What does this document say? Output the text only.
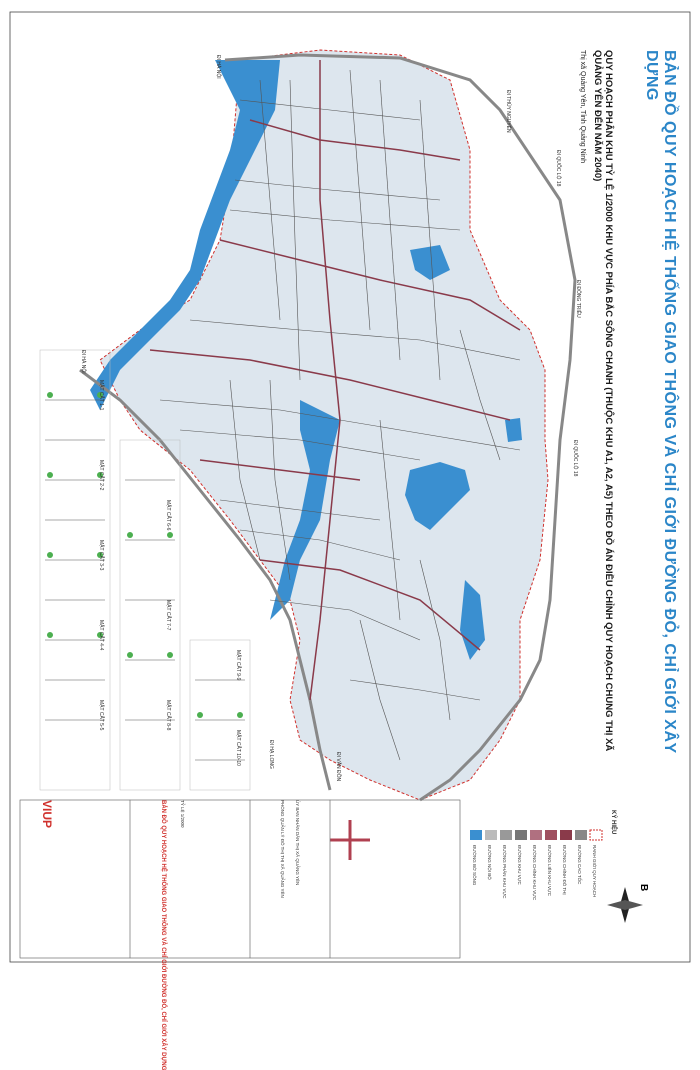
BẢN ĐỒ QUY HOẠCH HỆ THỐNG GIAO THÔNG VÀ CHỈ GIỚI ĐƯỜNG ĐỎ, CHỈ GIỚI XÂY DỰNG
QUY HOẠCH PHÂN KHU TỶ LỆ 1/2000 KHU VỰC PHÍA BẮC SÔNG CHANH (THUỘC KHU A1, A2, A5) THEO ĐỒ ÁN ĐIỀU CHỈNH QUY HOẠCH CHUNG THỊ XÃ QUẢNG YÊN ĐẾN NĂM 2040)
Thị xã Quảng Yên, Tỉnh Quảng Ninh
ĐI HÀ NỘI
ĐI THỦY NGUYÊN
ĐI QUỐC LỘ 18
ĐI ĐÔNG TRIỀU
ĐI QUỐC LỘ 18
ĐI HÀ NỘI
ĐI HẠ LONG	ĐI VÂN ĐỒN
MẶT CẮT 1-1
MẶT CẮT 2-2
MẶT CẮT 3-3
MẶT CẮT 4-4
MẶT CẮT 5-5
MẶT CẮT 6-6
MẶT CẮT 7-7
MẶT CẮT 8-8
MẶT CẮT 9-9
MẶT CẮT 10-10
KÝ HIỆU
RANH GIỚI QUY HOẠCH
ĐƯỜNG CAO TỐC
ĐƯỜNG CHÍNH ĐÔ THỊ
ĐƯỜNG LIÊN KHU VỰC
ĐƯỜNG CHÍNH KHU VỰC
ĐƯỜNG KHU VỰC
ĐƯỜNG PHÂN KHU VỰC
ĐƯỜNG NỘI BỘ
ĐƯỜNG BỜ SÔNG
B
VIUP	BẢN ĐỒ QUY HOẠCH HỆ THỐNG GIAO THÔNG VÀ CHỈ GIỚI ĐƯỜNG ĐỎ, CHỈ GIỚI XÂY DỰNG	TỶ LỆ 1/2000	PHÒNG QUẢN LÝ ĐÔ THỊ THỊ XÃ QUẢNG YÊN ỦY BAN NHÂN DÂN THỊ XÃ QUẢNG YÊN
